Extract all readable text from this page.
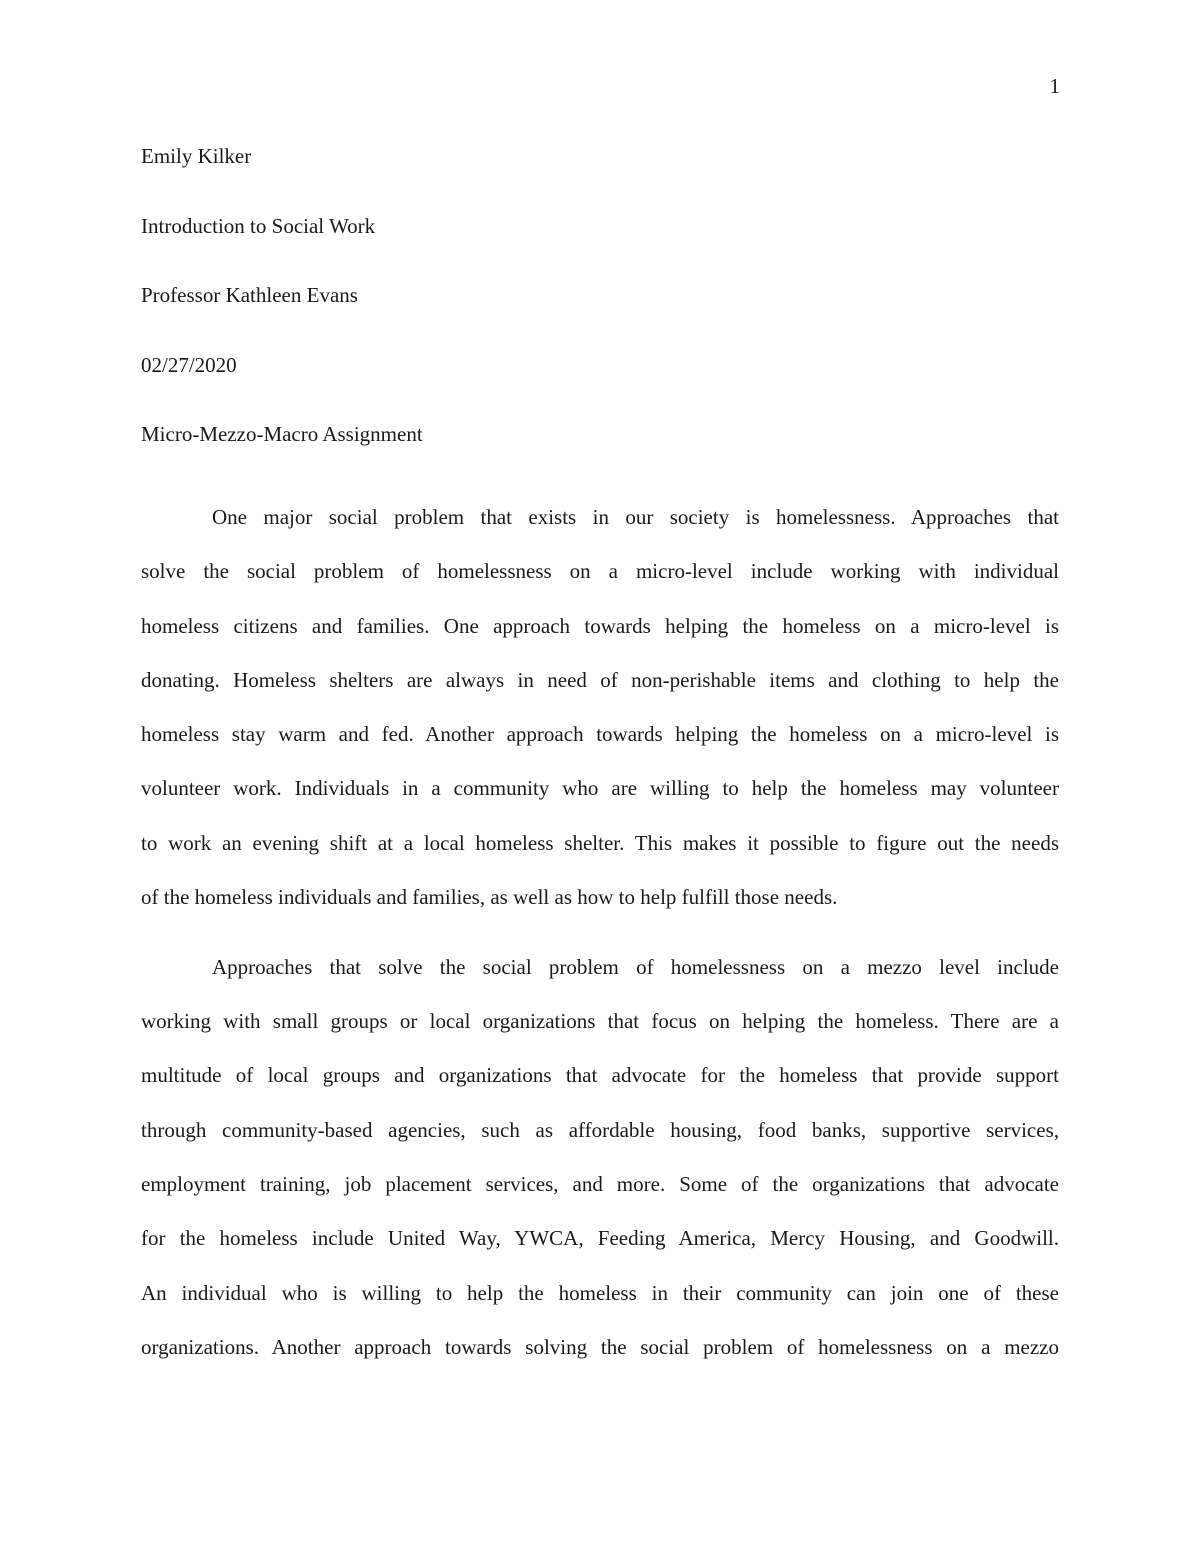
1
Emily Kilker
Introduction to Social Work
Professor Kathleen Evans
02/27/2020
Micro-Mezzo-Macro Assignment
One major social problem that exists in our society is homelessness. Approaches that
solve the social problem of homelessness on a micro-level include working with individual
homeless citizens and families. One approach towards helping the homeless on a micro-level is
donating. Homeless shelters are always in need of non-perishable items and clothing to help the
homeless stay warm and fed. Another approach towards helping the homeless on a micro-level is
volunteer work. Individuals in a community who are willing to help the homeless may volunteer
to work an evening shift at a local homeless shelter. This makes it possible to figure out the needs
of the homeless individuals and families, as well as how to help fulfill those needs.
Approaches that solve the social problem of homelessness on a mezzo level include
working with small groups or local organizations that focus on helping the homeless. There are a
multitude of local groups and organizations that advocate for the homeless that provide support
through community-based agencies, such as affordable housing, food banks, supportive services,
employment training, job placement services, and more. Some of the organizations that advocate
for the homeless include United Way, YWCA, Feeding America, Mercy Housing, and Goodwill.
An individual who is willing to help the homeless in their community can join one of these
organizations. Another approach towards solving the social problem of homelessness on a mezzo
